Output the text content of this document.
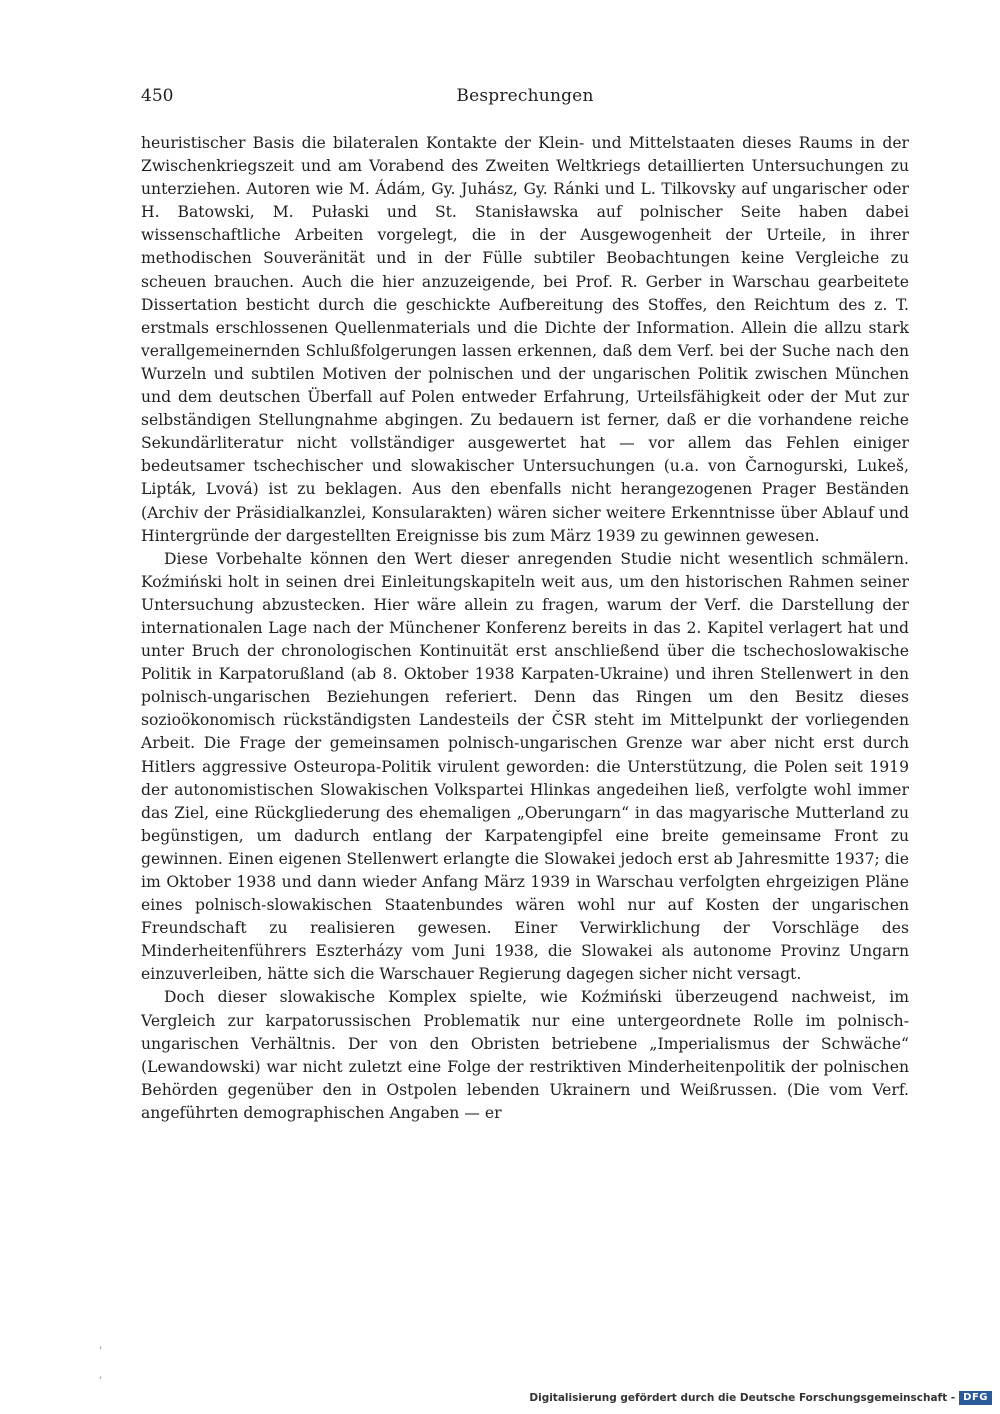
450	Besprechungen

heuristischer Basis die bilateralen Kontakte der Klein- und Mittelstaaten dieses Raums in der Zwischenkriegszeit und am Vorabend des Zweiten Weltkriegs detaillierten Untersuchungen zu unterziehen. Autoren wie M. Ádám, Gy. Juhász, Gy. Ránki und L. Tilkovsky auf ungarischer oder H. Batowski, M. Pułaski und St. Stanisławska auf polnischer Seite haben dabei wissenschaftliche Arbeiten vorgelegt, die in der Ausgewogenheit der Urteile, in ihrer methodischen Souveränität und in der Fülle subtiler Beobachtungen keine Vergleiche zu scheuen brauchen. Auch die hier anzuzeigende, bei Prof. R. Gerber in Warschau gearbeitete Dissertation besticht durch die geschickte Aufbereitung des Stoffes, den Reichtum des z. T. erstmals erschlossenen Quellenmaterials und die Dichte der Information. Allein die allzu stark verallgemeinernden Schlußfolgerungen lassen erkennen, daß dem Verf. bei der Suche nach den Wurzeln und subtilen Motiven der polnischen und der ungarischen Politik zwischen München und dem deutschen Überfall auf Polen entweder Erfahrung, Urteilsfähigkeit oder der Mut zur selbständigen Stellungnahme abgingen. Zu bedauern ist ferner, daß er die vorhandene reiche Sekundärliteratur nicht vollständiger ausgewertet hat — vor allem das Fehlen einiger bedeutsamer tschechischer und slowakischer Untersuchungen (u.a. von Čarnogurski, Lukeš, Lipták, Lvová) ist zu beklagen. Aus den ebenfalls nicht herangezogenen Prager Beständen (Archiv der Präsidialkanzlei, Konsularakten) wären sicher weitere Erkenntnisse über Ablauf und Hintergründe der dargestellten Ereignisse bis zum März 1939 zu gewinnen gewesen.

Diese Vorbehalte können den Wert dieser anregenden Studie nicht wesentlich schmälern. Koźmiński holt in seinen drei Einleitungskapiteln weit aus, um den historischen Rahmen seiner Untersuchung abzustecken. Hier wäre allein zu fragen, warum der Verf. die Darstellung der internationalen Lage nach der Münchener Konferenz bereits in das 2. Kapitel verlagert hat und unter Bruch der chronologischen Kontinuität erst anschließend über die tschechoslowakische Politik in Karpatorußland (ab 8. Oktober 1938 Karpaten-Ukraine) und ihren Stellenwert in den polnisch-ungarischen Beziehungen referiert. Denn das Ringen um den Besitz dieses sozioökonomisch rückständigsten Landesteils der ČSR steht im Mittelpunkt der vorliegenden Arbeit. Die Frage der gemeinsamen polnisch-ungarischen Grenze war aber nicht erst durch Hitlers aggressive Osteuropa-Politik virulent geworden: die Unterstützung, die Polen seit 1919 der autonomistischen Slowakischen Volkspartei Hlinkas angedeihen ließ, verfolgte wohl immer das Ziel, eine Rückgliederung des ehemaligen „Oberungarn“ in das magyarische Mutterland zu begünstigen, um dadurch entlang der Karpatengipfel eine breite gemeinsame Front zu gewinnen. Einen eigenen Stellenwert erlangte die Slowakei jedoch erst ab Jahresmitte 1937; die im Oktober 1938 und dann wieder Anfang März 1939 in Warschau verfolgten ehrgeizigen Pläne eines polnisch-slowakischen Staatenbundes wären wohl nur auf Kosten der ungarischen Freundschaft zu realisieren gewesen. Einer Verwirklichung der Vorschläge des Minderheitenführers Eszterházy vom Juni 1938, die Slowakei als autonome Provinz Ungarn einzuverleiben, hätte sich die Warschauer Regierung dagegen sicher nicht versagt.

Doch dieser slowakische Komplex spielte, wie Koźmiński überzeugend nachweist, im Vergleich zur karpatorussischen Problematik nur eine untergeordnete Rolle im polnisch-ungarischen Verhältnis. Der von den Obristen betriebene „Imperialismus der Schwäche“ (Lewandowski) war nicht zuletzt eine Folge der restriktiven Minderheitenpolitik der polnischen Behörden gegenüber den in Ostpolen lebenden Ukrainern und Weißrussen. (Die vom Verf. angeführten demographischen Angaben — er

,
,
Digitalisierung gefördert durch die Deutsche Forschungsgemeinschaft - DFG
